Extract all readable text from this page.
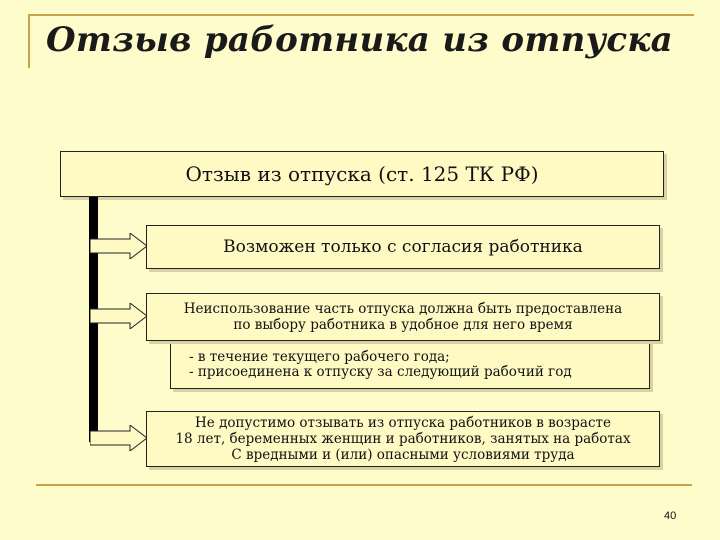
Отзыв работника из отпуска
Отзыв из отпуска (ст. 125 ТК РФ)
Возможен только с согласия работника
Неиспользование часть отпуска должна быть предоставлена
по выбору работника в удобное для него время
- в течение текущего рабочего года;
- присоединена к отпуску за следующий рабочий год
Не допустимо отзывать из отпуска работников в возрасте
18 лет, беременных женщин и работников, занятых на работах
С вредными и (или) опасными условиями труда
40
